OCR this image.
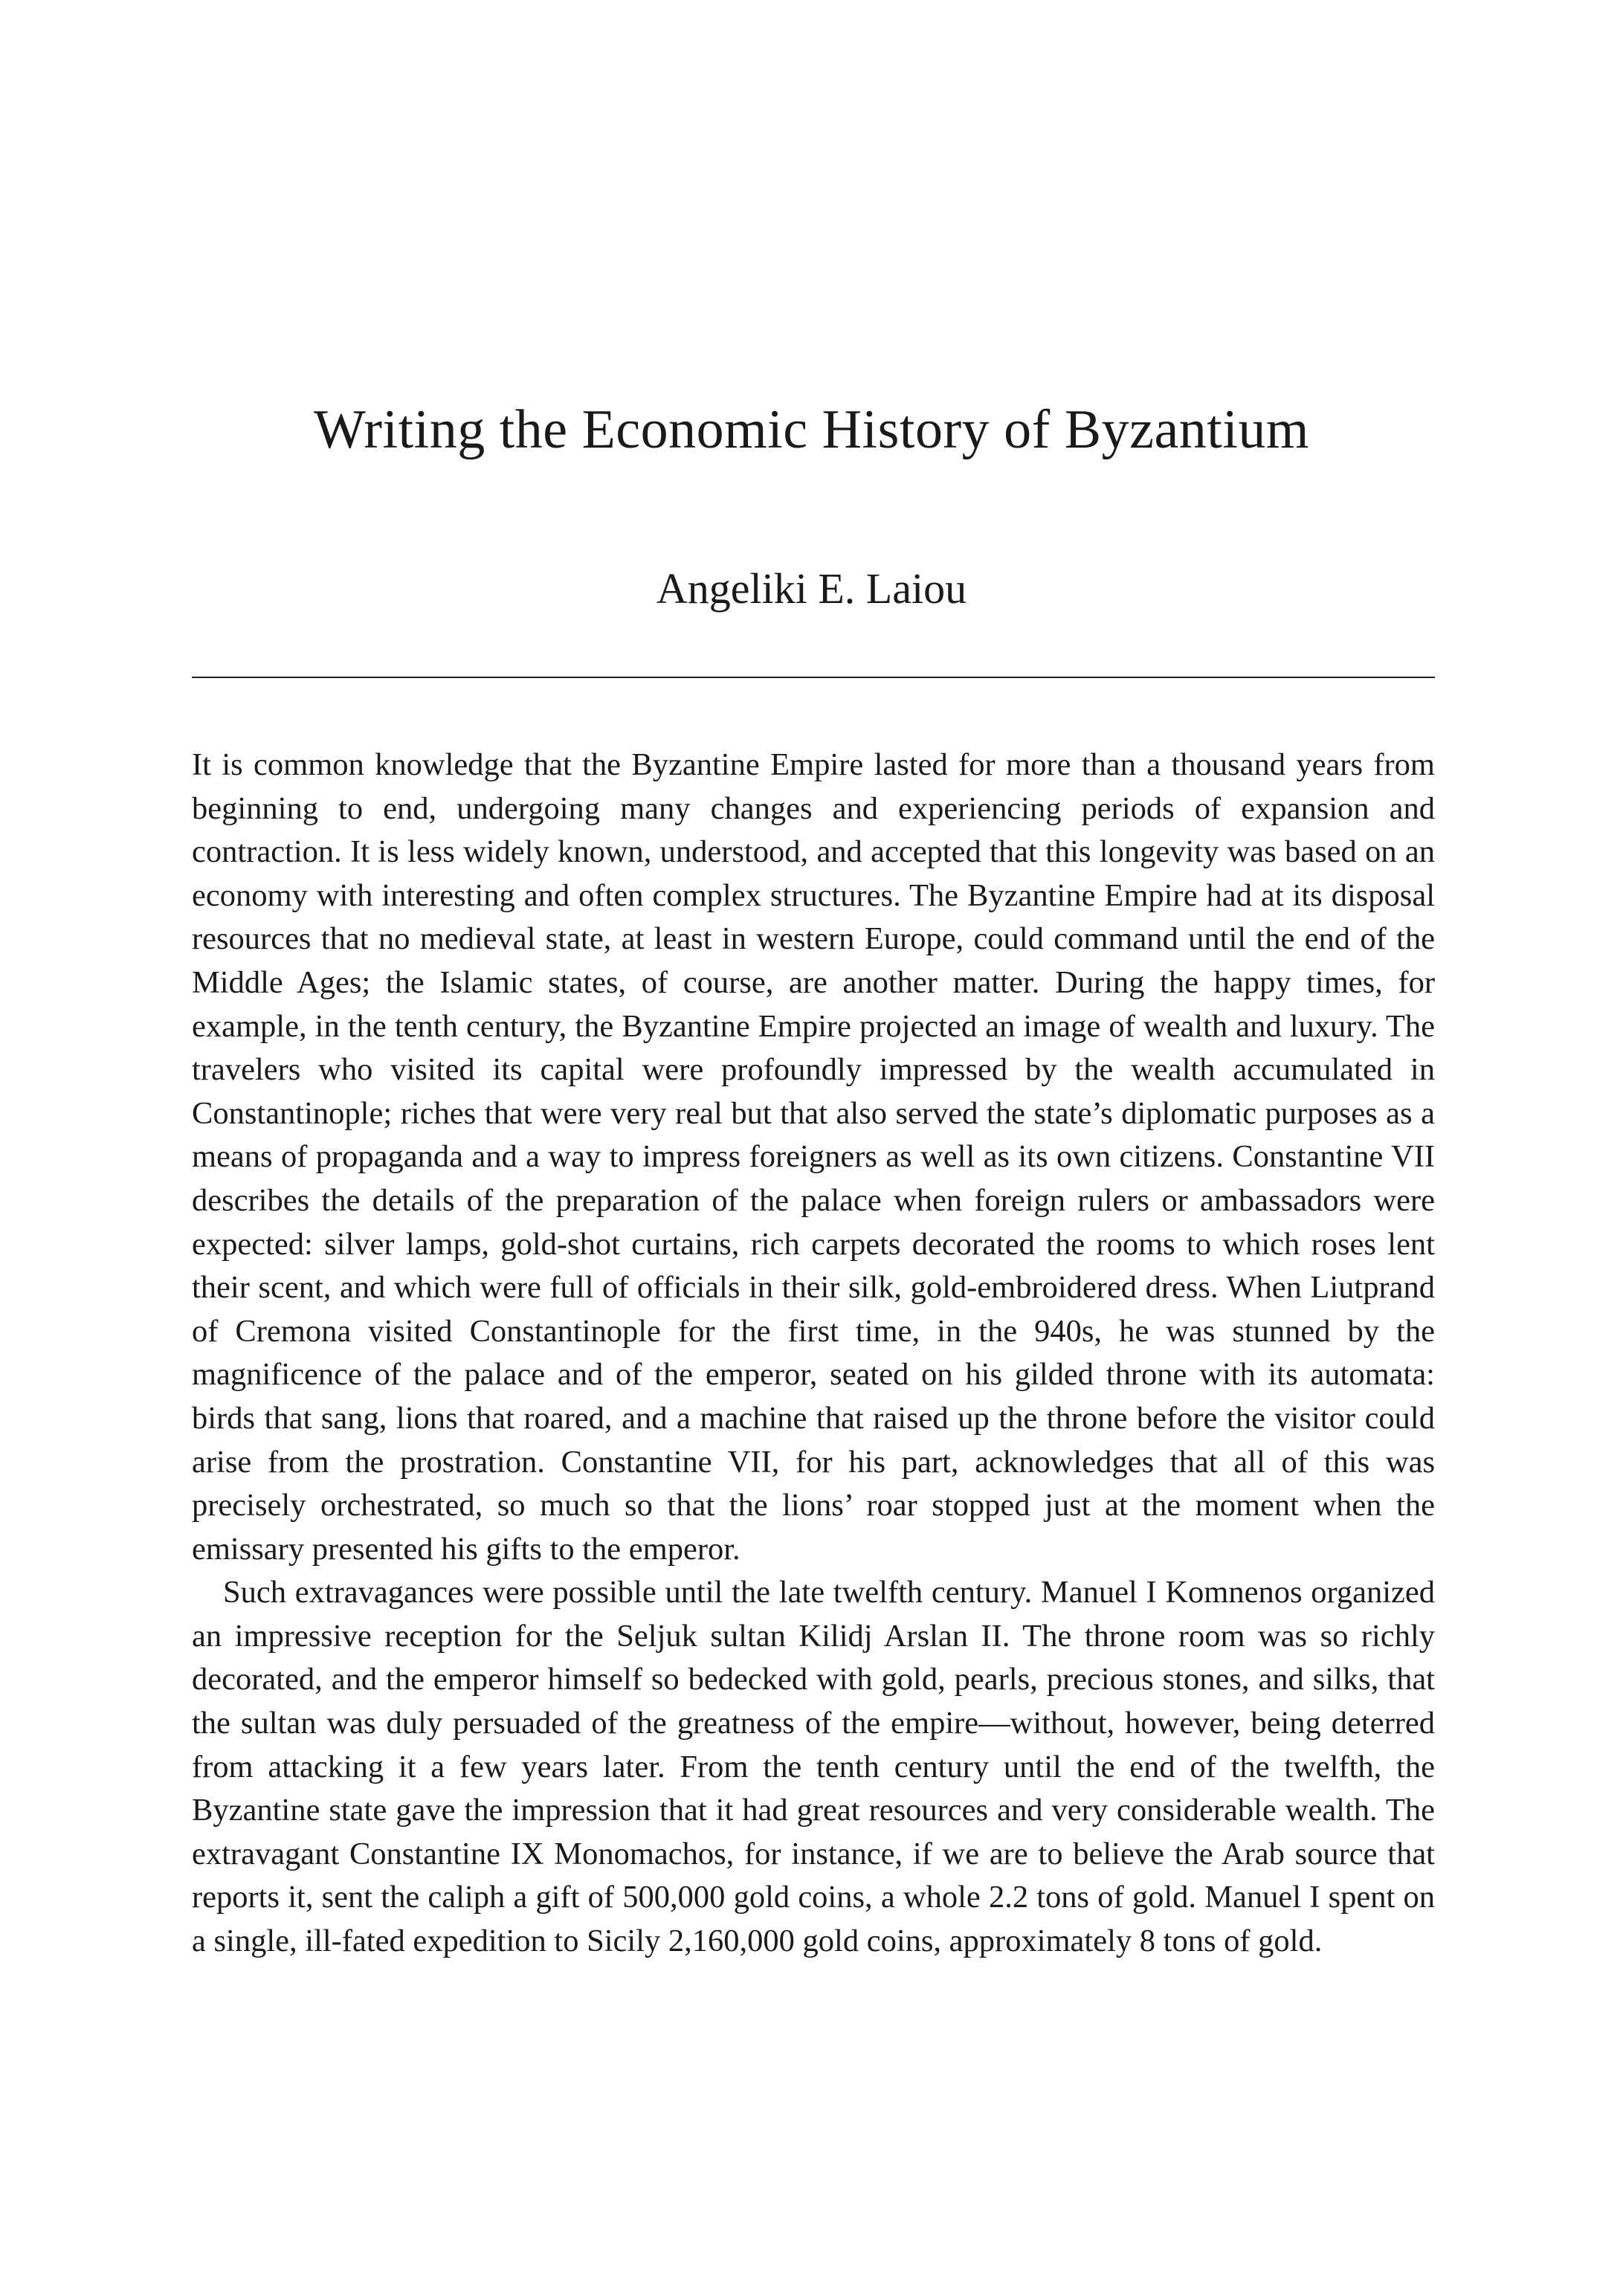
Writing the Economic History of Byzantium
Angeliki E. Laiou

It is common knowledge that the Byzantine Empire lasted for more than a thousand years from beginning to end, undergoing many changes and experiencing periods of expansion and contraction. It is less widely known, understood, and accepted that this longevity was based on an economy with interesting and often complex structures. The Byzantine Empire had at its disposal resources that no medieval state, at least in western Europe, could command until the end of the Middle Ages; the Islamic states, of course, are another matter. During the happy times, for example, in the tenth century, the Byzantine Empire projected an image of wealth and luxury. The travelers who visited its capital were profoundly impressed by the wealth accumulated in Constantinople; riches that were very real but that also served the state’s diplomatic purposes as a means of propaganda and a way to impress foreigners as well as its own citizens. Constantine VII describes the details of the preparation of the palace when foreign rulers or ambassadors were expected: silver lamps, gold-shot curtains, rich carpets decorated the rooms to which roses lent their scent, and which were full of officials in their silk, gold-embroidered dress. When Liutprand of Cremona visited Constantinople for the first time, in the 940s, he was stunned by the magnificence of the palace and of the emperor, seated on his gilded throne with its automata: birds that sang, lions that roared, and a machine that raised up the throne before the visitor could arise from the prostration. Constantine VII, for his part, acknowledges that all of this was precisely orchestrated, so much so that the lions’ roar stopped just at the moment when the emissary presented his gifts to the emperor.

Such extravagances were possible until the late twelfth century. Manuel I Komnenos organized an impressive reception for the Seljuk sultan Kilidj Arslan II. The throne room was so richly decorated, and the emperor himself so bedecked with gold, pearls, precious stones, and silks, that the sultan was duly persuaded of the greatness of the empire—without, however, being deterred from attacking it a few years later. From the tenth century until the end of the twelfth, the Byzantine state gave the impression that it had great resources and very considerable wealth. The extravagant Constantine IX Monomachos, for instance, if we are to believe the Arab source that reports it, sent the caliph a gift of 500,000 gold coins, a whole 2.2 tons of gold. Manuel I spent on a single, ill-fated expedition to Sicily 2,160,000 gold coins, approximately 8 tons of gold.
